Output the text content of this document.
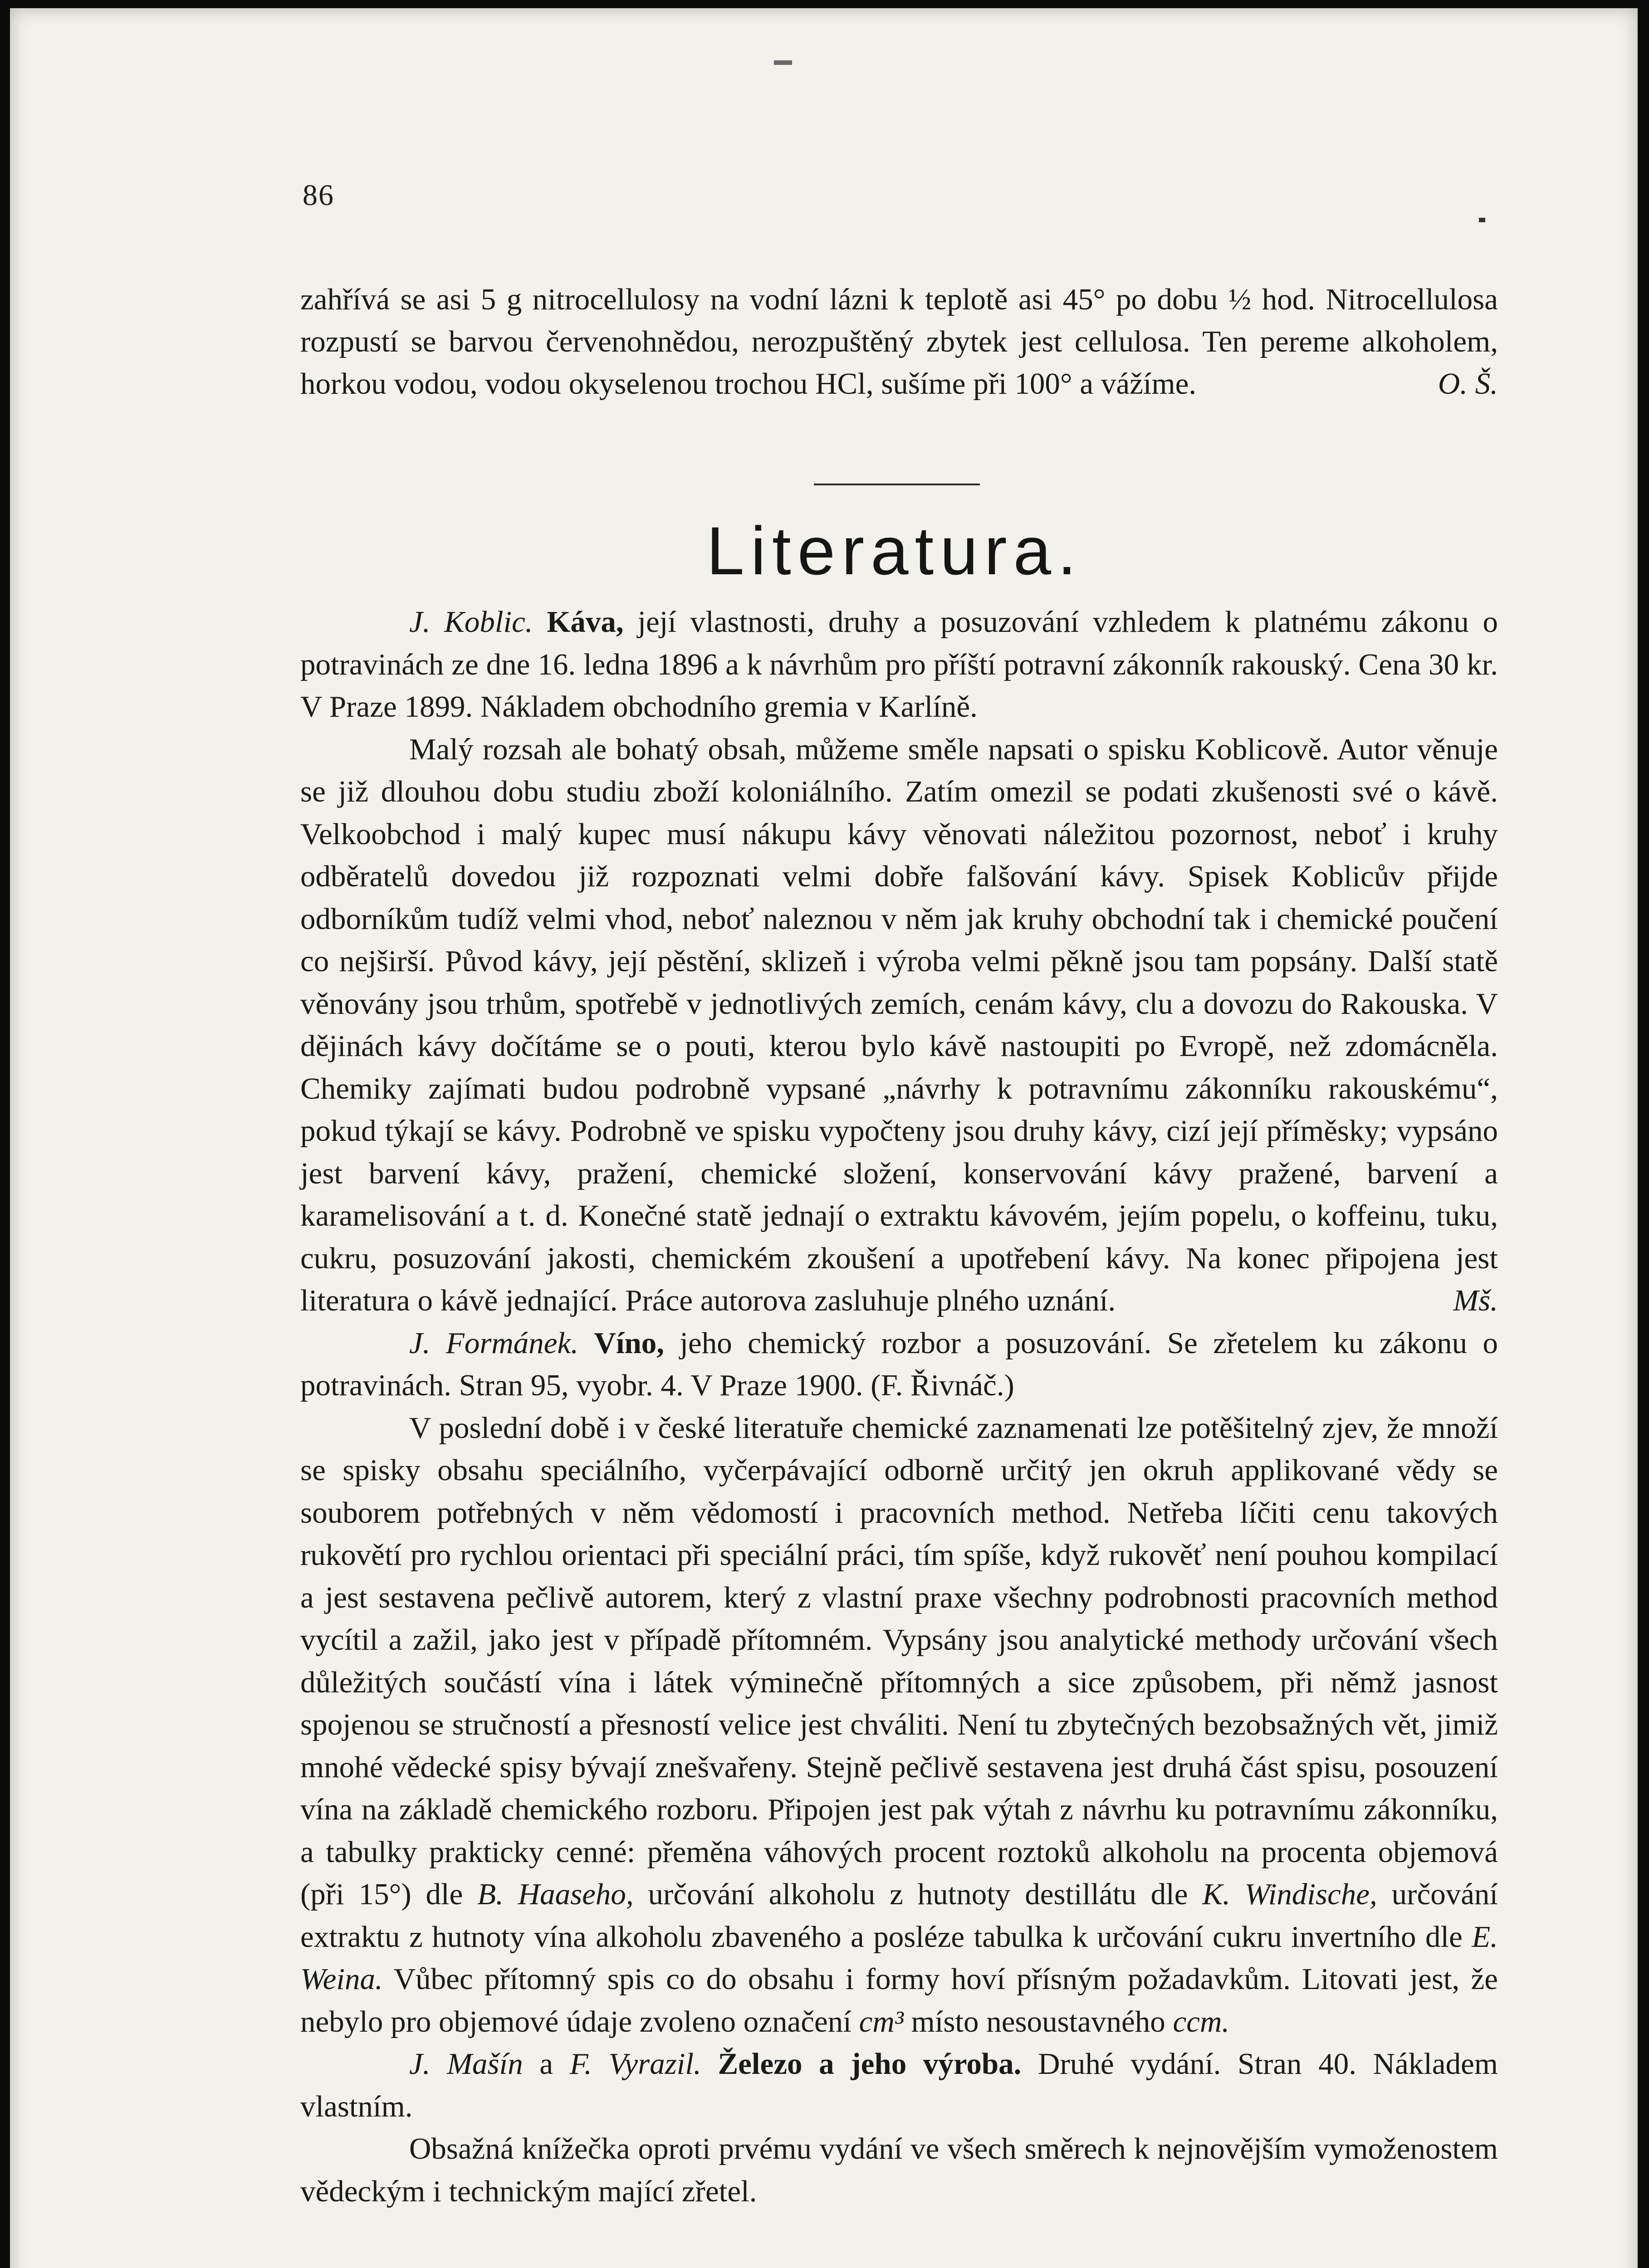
86

zahřívá se asi 5 g nitrocellulosy na vodní lázni k teplotě asi 45° po dobu ½ hod. Nitrocellulosa rozpustí se barvou červenohnědou, nerozpuštěný zbytek jest cellulosa. Ten pereme alkoholem, horkou vodou, vodou okyselenou trochou HCl, sušíme při 100° a vážíme.	O. Š.

Literatura.

J. Koblic. Káva, její vlastnosti, druhy a posuzování vzhledem k platnému zákonu o potravinách ze dne 16. ledna 1896 a k návrhům pro příští potravní zákonník rakouský. Cena 30 kr. V Praze 1899. Nákladem obchodního gremia v Karlíně.

Malý rozsah ale bohatý obsah, můžeme směle napsati o spisku Koblicově. Autor věnuje se již dlouhou dobu studiu zboží koloniálního. Zatím omezil se podati zkušenosti své o kávě. Velkoobchod i malý kupec musí nákupu kávy věnovati náležitou pozornost, neboť i kruhy odběratelů dovedou již rozpoznati velmi dobře falšování kávy. Spisek Koblicův přijde odborníkům tudíž velmi vhod, neboť naleznou v něm jak kruhy obchodní tak i chemické poučení co nejširší. Původ kávy, její pěstění, sklizeň i výroba velmi pěkně jsou tam popsány. Další statě věnovány jsou trhům, spotřebě v jednotlivých zemích, cenám kávy, clu a dovozu do Rakouska. V dějinách kávy dočítáme se o pouti, kterou bylo kávě nastoupiti po Evropě, než zdomácněla. Chemiky zajímati budou podrobně vypsané „návrhy k potravnímu zákonníku rakouskému“, pokud týkají se kávy. Podrobně ve spisku vypočteny jsou druhy kávy, cizí její příměsky; vypsáno jest barvení kávy, pražení, chemické složení, konservování kávy pražené, barvení a karamelisování a t. d. Konečné statě jednají o extraktu kávovém, jejím popelu, o koffeinu, tuku, cukru, posuzování jakosti, chemickém zkoušení a upotřebení kávy. Na konec připojena jest literatura o kávě jednající. Práce autorova zasluhuje plného uznání.	Mš.

J. Formánek. Víno, jeho chemický rozbor a posuzování. Se zřetelem ku zákonu o potravinách. Stran 95, vyobr. 4. V Praze 1900. (F. Řivnáč.)

V poslední době i v české literatuře chemické zaznamenati lze potěšitelný zjev, že množí se spisky obsahu speciálního, vyčerpávající odborně určitý jen okruh applikované vědy se souborem potřebných v něm vědomostí i pracovních method. Netřeba líčiti cenu takových rukovětí pro rychlou orientaci při speciální práci, tím spíše, když rukověť není pouhou kompilací a jest sestavena pečlivě autorem, který z vlastní praxe všechny podrobnosti pracovních method vycítil a zažil, jako jest v případě přítomném. Vypsány jsou analytické methody určování všech důležitých součástí vína i látek výminečně přítomných a sice způsobem, při němž jasnost spojenou se stručností a přesností velice jest chváliti. Není tu zbytečných bezobsažných vět, jimiž mnohé vědecké spisy bývají znešvařeny. Stejně pečlivě sestavena jest druhá část spisu, posouzení vína na základě chemického rozboru. Připojen jest pak výtah z návrhu ku potravnímu zákonníku, a tabulky prakticky cenné: přeměna váhových procent roztoků alkoholu na procenta objemová (při 15°) dle B. Haaseho, určování alkoholu z hutnoty destillátu dle K. Windische, určování extraktu z hutnoty vína alkoholu zbaveného a posléze tabulka k určování cukru invertního dle E. Weina. Vůbec přítomný spis co do obsahu i formy hoví přísným požadavkům. Litovati jest, že nebylo pro objemové údaje zvoleno označení cm³ místo nesoustavného ccm.

J. Mašín a F. Vyrazil. Železo a jeho výroba. Druhé vydání. Stran 40. Nákladem vlastním.

Obsažná knížečka oproti prvému vydání ve všech směrech k nejnovějším vymoženostem vědeckým i technickým mající zřetel.
